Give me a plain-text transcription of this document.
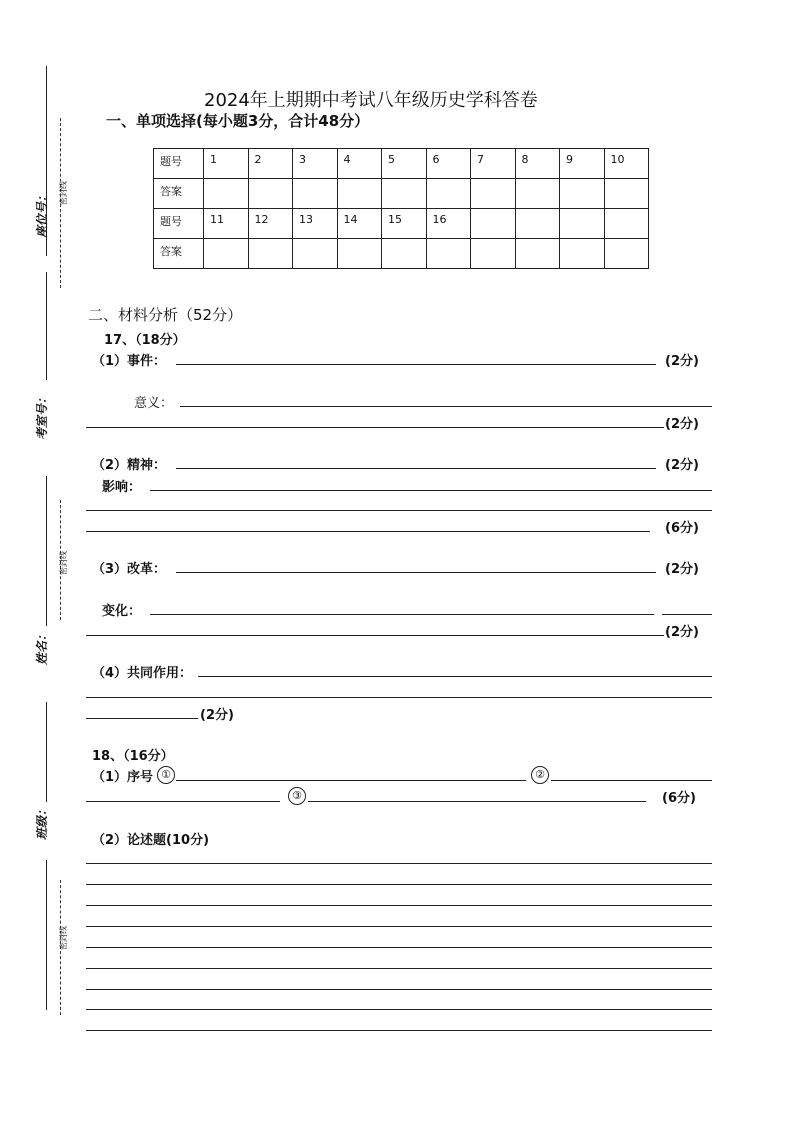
密封线
座位号：
考室号：
密封线
姓名：
班级：
密封线
2024年上期期中考试八年级历史学科答卷
一、单项选择(每小题3分，合计48分）
题号	1	2	3	4	5	6	7	8	9	10
答案										
题号	11	12	13	14	15	16				
答案										
二、材料分析（52分）
17、（18分）
（1）事件：	(2分)
意义：
(2分)
（2）精神：	(2分)
影响：
(6分)
（3）改革：	(2分)
变化：
(2分)
（4）共同作用：
(2分)
18、（16分）
（1）序号 ①	②
③	(6分)
（2）论述题(10分)
